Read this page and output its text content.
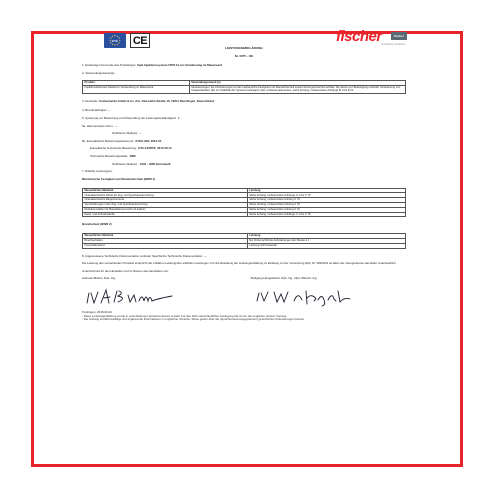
ETA	CE	fischer	fischer
innovative solutions
LEISTUNGSERKLÄRUNG
Nr. 0075 – DE

1. Eindeutiger Kenncode des Produkttyps: Upat Injektionssystem UPM 44 zur Verankerung im Mauerwerk

2. Verwendungszweck(e):

Produkt	Verwendungszweck (e)
Injektionsdübel aus Metall zur Verwendung im Mauerwerk	Verankerungen, die Anforderungen an die mechanische Festigkeit und Standsicherheit sowie Nutzungssicherheit erfüllen Sie dienen zur Befestigung und/oder Verankerung von Tragwerksteilen (die zur Stabilität der Systeme beitragen) oder schweren Elementen, siehe Anhang, insbesondere Anhänge B 1 bis B 12

3. Hersteller: fischerwerke GmbH & Co. KG, Otto-Hahn-Straße 15, 79211 Denzlingen, Deutschland

4. Bevollmächtigter: --

5. System(e) zur Bewertung und Überprüfung der Leistungsbeständigkeit: 1

6a. Harmonisierte Norm: ---

Notifizierte Stelle(n): ---

6b. Europäisches Bewertungsdokument: ETAG 029; 2013-04

Europäische Technische Bewertung: ETA-13/0555; 2015-09-11

Technische Bewertungsstelle: DIBt

Notifizierte Stelle(n): 1343 – MPA Darmstadt

7. Erklärte Leistung(en):

Mechanische Festigkeit und Standsicherheit (BWR 1)

Wesentliches Merkmal	Leistung
Charakteristische Werte für Zug- und Querbeanspruchung	Siehe Anhang, insbesondere Anhänge C 1 bis C 75
Charakteristische Biegemomente	Siehe Anhang, insbesondere Anhang C 76
Verschiebungen unter Zug- und Querbeanspruchung	Siehe Anhang, insbesondere Anhang C 76
Reduktionsfaktor für Baustellenversuche (ß-Faktor)	Siehe Anhang, insbesondere Anhang C 76
Rand- und Achsabstände	Siehe Anhang, insbesondere Anhänge C 1 bis C 75

Brandschutz (BWR 2)

Wesentliches Merkmal	Leistung
Brandverhalten	Der Dübel erfüllt die Anforderungen der Klasse A 1
Feuerwiderstand	Leistung nicht bewertet

8. Angemessene Technische Dokumentation und/oder Spezifische Technische Dokumentation: ---

Die Leistung des vorstehenden Produkts entspricht der erklärten Leistung/den erklärten Leistungen. Für die Erstellung der Leistungserklärung im Einklang mit der Verordnung (EU) Nr. 305/2011 ist allein der obengenannte Hersteller verantwortlich.

Unterzeichnet für den Hersteller und im Namen des Herstellers von:

Andreas Bucher, Dipl.-Ing.	Wolfgang Hengesbach, Dipl.-Ing., Dipl.-Wirtsch.-Ing.

Tumlingen, 2015-09-24

- Diese Leistungserklärung wurde in verschiedenen Sprachversionen erstellt. Für den Fall unterschiedlicher Auslegung hat immer die englische Version Vorrang.

- Der Anhang enthält freiwillige und ergänzende Informationen in englischer Sprache. Diese gehen über die (sprachneutral angegebenen) gesetzlichen Anforderungen hinaus.
